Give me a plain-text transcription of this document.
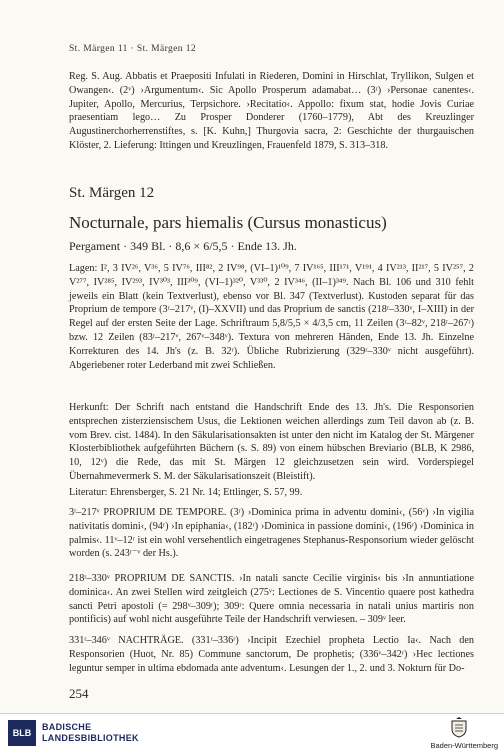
St. Märgen 11 · St. Märgen 12

Reg. S. Aug. Abbatis et Praepositi Infulati in Riederen, Domini in Hirschlat, Tryllikon, Sulgen et Owangen‹. (2ᵛ) ›Argumentum‹. Sic Apollo Prosperum adamabat… (3ʳ) ›Personae canentes‹. Jupiter, Apollo, Mercurius, Terpsichore. ›Recitatio‹. Appollo: fixum stat, hodie Jovis Curiae praesentiam lego… Zu Prosper Donderer (1760–1779), Abt des Kreuzlinger Augustinerchorherrenstiftes, s. [K. Kuhn,] Thurgovia sacra, 2: Geschichte der thurgauischen Klöster, 2. Lieferung: Ittingen und Kreuzlingen, Frauenfeld 1879, S. 313–318.

St. Märgen 12
Nocturnale, pars hiemalis (Cursus monasticus)
Pergament · 349 Bl. · 8,6 × 6/5,5 · Ende 13. Jh.

Lagen: I², 3 IV²⁶, V³⁶, 5 IV⁷⁶, III⁸², 2 IV⁹⁸, (VI–1)¹⁰⁹, 7 IV¹⁶⁵, III¹⁷¹, V¹⁹¹, 4 IV²¹³, II²¹⁷, 5 IV²⁵⁷, 2 V²⁷⁷, IV²⁸⁵, IV²⁹³, IV³⁰³, III³⁰⁹, (VI–1)³²⁰, V³³⁰, 2 IV³⁴⁶, (II–1)³⁴⁹. Nach Bl. 106 und 310 fehlt jeweils ein Blatt (kein Textverlust), ebenso vor Bl. 347 (Textverlust). Kustoden separat für das Proprium de tempore (3ʳ–217ᵛ, (I)–XXVII) und das Proprium de sanctis (218ʳ–330ᵛ, I–XIII) in der Regel auf der ersten Seite der Lage. Schriftraum 5,8/5,5 × 4/3,5 cm, 11 Zeilen (3ʳ–82ᵛ, 218ʳ–267ʳ) bzw. 12 Zeilen (83ʳ–217ᵛ, 267ᵛ–348ᵛ). Textura von mehreren Händen, Ende 13. Jh. Einzelne Korrekturen des 14. Jh's (z. B. 32ʳ). Übliche Rubrizierung (329ʳ–330ᵛ nicht ausgeführt). Abgeriebener roter Lederband mit zwei Schließen.

Herkunft: Der Schrift nach entstand die Handschrift Ende des 13. Jh's. Die Responsorien entsprechen zisterziensischem Usus, die Lektionen weichen allerdings zum Teil davon ab (z. B. vom Brev. cist. 1484). In den Säkularisationsakten ist unter den nicht im Katalog der St. Märgener Klosterbibliothek aufgeführten Büchern (s. S. 89) von einem hübschen Breviario (BLB, K 2986, 10, 12ᵛ) die Rede, das mit St. Märgen 12 gleichzusetzen sein wird. Vorderspiegel Übernahmevermerk S. M. der Säkularisationszeit (Bleistift).

Literatur: Ehrensberger, S. 21 Nr. 14; Ettlinger, S. 57, 99.

3ʳ–217ᵛ PROPRIUM DE TEMPORE. (3ʳ) ›Dominica prima in adventu domini‹, (56ᵛ) ›In vigilia nativitatis domini‹, (94ʳ) ›In epiphania‹, (182ʳ) ›Dominica in passione domini‹, (196ʳ) ›Dominica in palmis‹. 11ᵛ–12ʳ ist ein wohl versehentlich eingetragenes Stephanus-Responsorium wieder gelöscht worden (s. 243ʳ⁻ᵛ der Hs.).

218ʳ–330ᵛ PROPRIUM DE SANCTIS. ›In natali sancte Cecilie virginis‹ bis ›In annuntiatione dominica‹. An zwei Stellen wird zeitgleich (275ᵛ: Lectiones de S. Vincentio quaere post kathedra sancti Petri apostoli (= 298ᵛ–309ʳ); 309ʳ: Quere omnia necessaria in natali unius martiris non pontificis) auf wohl nicht ausgeführte Teile der Handschrift verwiesen. – 309ᵛ leer.

331ʳ–346ᵛ NACHTRÄGE. (331ʳ–336ʳ) ›Incipit Ezechiel propheta Lectio Ia‹. Nach den Responsorien (Huot, Nr. 85) Commune sanctorum, De prophetis; (336ᵛ–342ʳ) ›Hec lectiones leguntur semper in ultima ebdomada ante adventum‹. Lesungen der 1., 2. und 3. Nokturn für Do-

254
BLB
BADISCHE
LANDESBIBLIOTHEK
Baden-Württemberg
